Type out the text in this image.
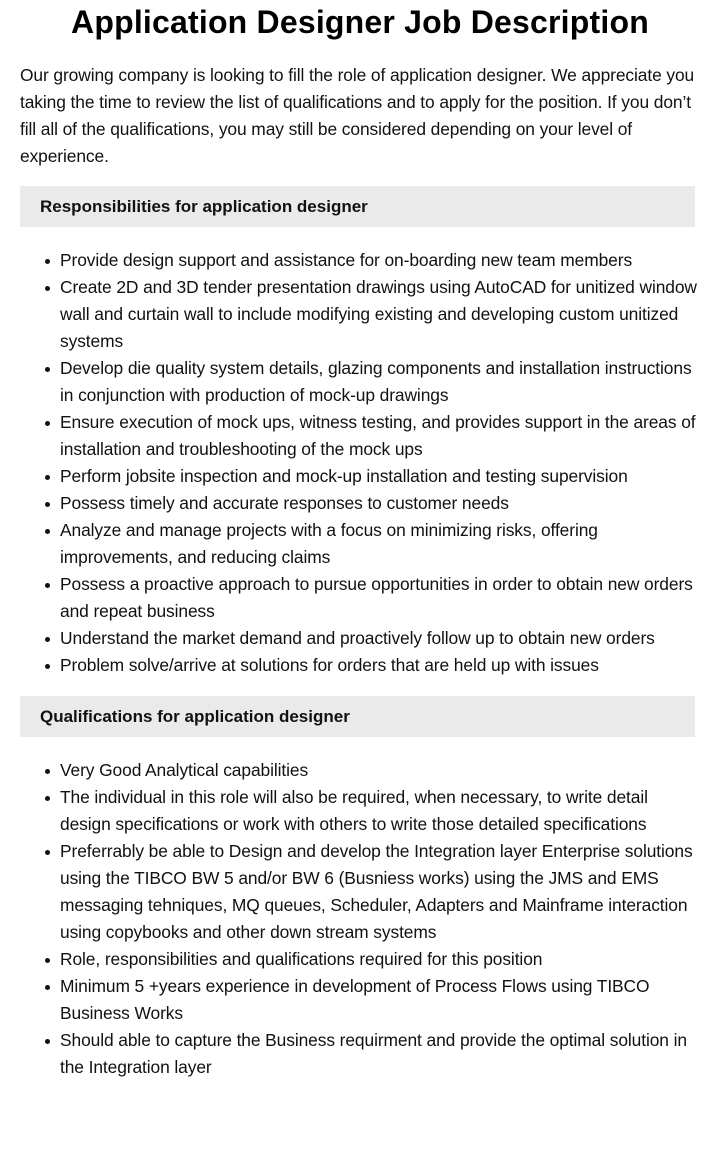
Application Designer Job Description

Our growing company is looking to fill the role of application designer. We appreciate you taking the time to review the list of qualifications and to apply for the position. If you don’t fill all of the qualifications, you may still be considered depending on your level of experience.

Responsibilities for application designer
Provide design support and assistance for on-boarding new team members
Create 2D and 3D tender presentation drawings using AutoCAD for unitized window wall and curtain wall to include modifying existing and developing custom unitized systems
Develop die quality system details, glazing components and installation instructions in conjunction with production of mock-up drawings
Ensure execution of mock ups, witness testing, and provides support in the areas of installation and troubleshooting of the mock ups
Perform jobsite inspection and mock-up installation and testing supervision
Possess timely and accurate responses to customer needs
Analyze and manage projects with a focus on minimizing risks, offering improvements, and reducing claims
Possess a proactive approach to pursue opportunities in order to obtain new orders and repeat business
Understand the market demand and proactively follow up to obtain new orders
Problem solve/arrive at solutions for orders that are held up with issues
Qualifications for application designer
Very Good Analytical capabilities
The individual in this role will also be required, when necessary, to write detail design specifications or work with others to write those detailed specifications
Preferrably be able to Design and develop the Integration layer Enterprise solutions using the TIBCO BW 5 and/or BW 6 (Busniess works) using the JMS and EMS messaging tehniques, MQ queues, Scheduler, Adapters and Mainframe interaction using copybooks and other down stream systems
Role, responsibilities and qualifications required for this position
Minimum 5 +years experience in development of Process Flows using TIBCO Business Works
Should able to capture the Business requirment and provide the optimal solution in the Integration layer
